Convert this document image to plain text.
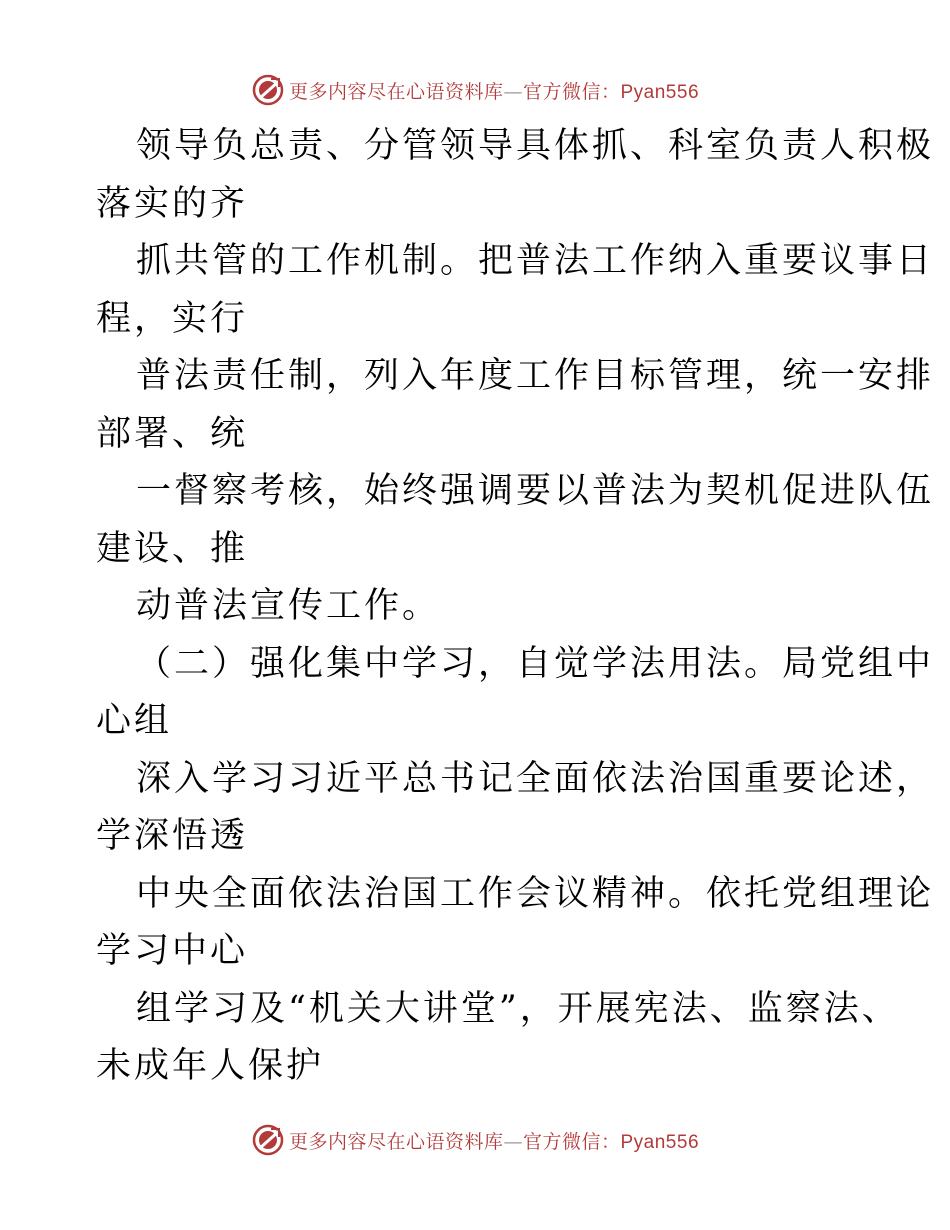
更多内容尽在心语资料库—官方微信：Pyan556
领导负总责、分管领导具体抓、科室负责人积极
落实的齐
抓共管的工作机制。把普法工作纳入重要议事日
程，实行
普法责任制，列入年度工作目标管理，统一安排
部署、统
一督察考核，始终强调要以普法为契机促进队伍
建设、推
动普法宣传工作。
（二）强化集中学习，自觉学法用法。局党组中
心组
深入学习习近平总书记全面依法治国重要论述，
学深悟透
中央全面依法治国工作会议精神。依托党组理论
学习中心
组学习及“机关大讲堂”，开展宪法、监察法、
未成年人保护
更多内容尽在心语资料库—官方微信：Pyan556
